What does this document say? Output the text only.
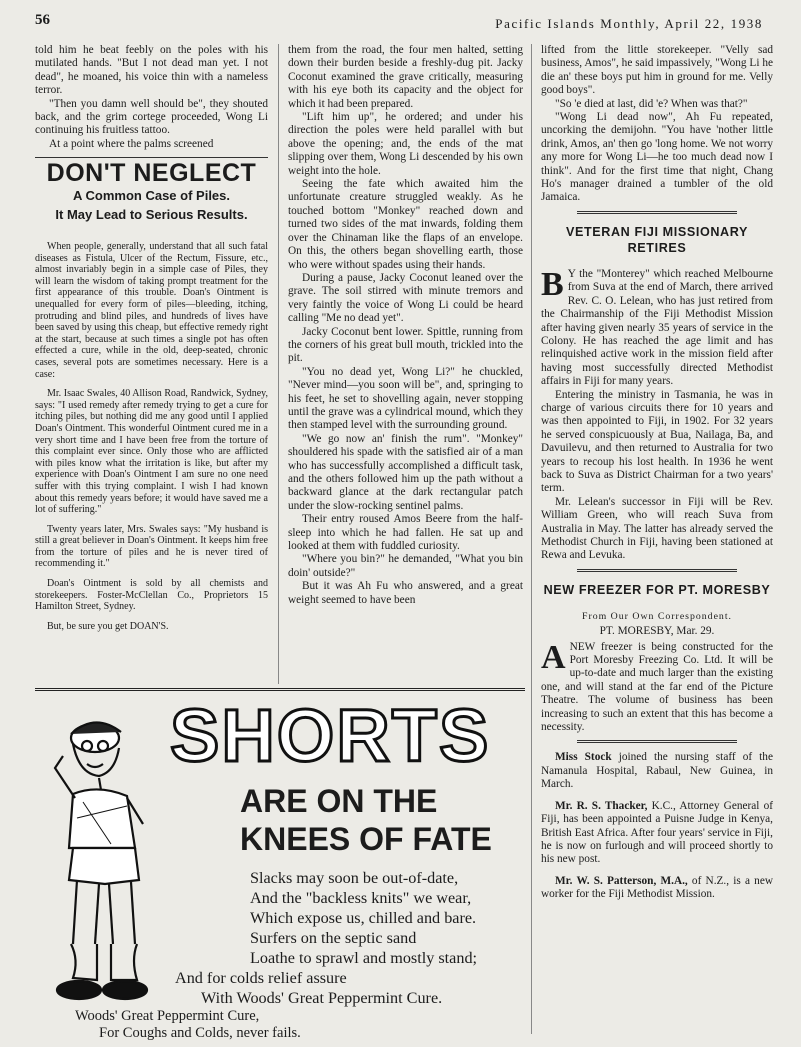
56	Pacific Islands Monthly, April 22, 1938

told him he beat feebly on the poles with his mutilated hands. "But I not dead man yet. I not dead", he moaned, his voice thin with a nameless terror.

"Then you damn well should be", they shouted back, and the grim cortege proceeded, Wong Li continuing his fruitless tattoo.

At a point where the palms screened

DON'T NEGLECT
A Common Case of Piles.
It May Lead to Serious Results.

When people, generally, understand that all such fatal diseases as Fistula, Ulcer of the Rectum, Fissure, etc., almost invariably begin in a simple case of Piles, they will learn the wisdom of taking prompt treatment for the first appearance of this trouble. Doan's Ointment is unequalled for every form of piles—bleeding, itching, protruding and blind piles, and hundreds of lives have been saved by using this cheap, but effective remedy right at the start, because at such times a single pot has often effected a cure, while in the old, deep-seated, chronic cases, several pots are sometimes necessary. Here is a case:

Mr. Isaac Swales, 40 Allison Road, Randwick, Sydney, says: "I used remedy after remedy trying to get a cure for itching piles, but nothing did me any good until I applied Doan's Ointment. This wonderful Ointment cured me in a very short time and I have been free from the torture of this complaint ever since. Only those who are afflicted with piles know what the irritation is like, but after my experience with Doan's Ointment I am sure no one need suffer with this trying complaint. I wish I had known about this remedy years before; it would have saved me a lot of suffering."

Twenty years later, Mrs. Swales says: "My husband is still a great believer in Doan's Ointment. It keeps him free from the torture of piles and he is never tired of recommending it."

Doan's Ointment is sold by all chemists and storekeepers. Foster-McClellan Co., Proprietors 15 Hamilton Street, Sydney.

But, be sure you get DOAN'S.

them from the road, the four men halted, setting down their burden beside a freshly-dug pit. Jacky Coconut examined the grave critically, measuring with his eye both its capacity and the object for which it had been prepared.

"Lift him up", he ordered; and under his direction the poles were held parallel with but above the opening; and, the ends of the mat slipping over them, Wong Li descended by his own weight into the hole.

Seeing the fate which awaited him the unfortunate creature struggled weakly. As he touched bottom "Monkey" reached down and turned two sides of the mat inwards, folding them over the Chinaman like the flaps of an envelope. On this, the others began shovelling earth, those who were without spades using their hands.

During a pause, Jacky Coconut leaned over the grave. The soil stirred with minute tremors and very faintly the voice of Wong Li could be heard calling "Me no dead yet".

Jacky Coconut bent lower. Spittle, running from the corners of his great bull mouth, trickled into the pit.

"You no dead yet, Wong Li?" he chuckled, "Never mind—you soon will be", and, springing to his feet, he set to shovelling again, never stopping until the grave was a cylindrical mound, which they then stamped level with the surrounding ground.

"We go now an' finish the rum". "Monkey" shouldered his spade with the satisfied air of a man who has successfully accomplished a difficult task, and the others followed him up the path without a backward glance at the dark rectangular patch under the slow-rocking sentinel palms.

Their entry roused Amos Beere from the half-sleep into which he had fallen. He sat up and looked at them with fuddled curiosity.

"Where you bin?" he demanded, "What you bin doin' outside?"

But it was Ah Fu who answered, and a great weight seemed to have been

lifted from the little storekeeper. "Velly sad business, Amos", he said impassively, "Wong Li he die an' these boys put him in ground for me. Velly good boys".

"So 'e died at last, did 'e? When was that?"

"Wong Li dead now", Ah Fu repeated, uncorking the demijohn. "You have 'nother little drink, Amos, an' then go 'long home. We not worry any more for Wong Li—he too much dead now I think". And for the first time that night, Chang Ho's manager drained a tumbler of the old Jamaica.

VETERAN FIJI MISSIONARY RETIRES

B Y the "Monterey" which reached Melbourne from Suva at the end of March, there arrived Rev. C. O. Lelean, who has just retired from the Chairmanship of the Fiji Methodist Mission after having given nearly 35 years of service in the Colony. He has reached the age limit and has relinquished active work in the mission field after having most successfully directed Methodist affairs in Fiji for many years.

Entering the ministry in Tasmania, he was in charge of various circuits there for 10 years and was then appointed to Fiji, in 1902. For 32 years he served conspicuously at Bua, Nailaga, Ba, and Davuilevu, and then returned to Australia for two years to recoup his lost health. In 1936 he went back to Suva as District Chairman for a two years' term.

Mr. Lelean's successor in Fiji will be Rev. William Green, who will reach Suva from Australia in May. The latter has already served the Methodist Church in Fiji, having been stationed at Rewa and Levuka.

NEW FREEZER FOR PT. MORESBY
From Our Own Correspondent.
PT. MORESBY, Mar. 29.

ANEW freezer is being constructed for the Port Moresby Freezing Co. Ltd. It will be up-to-date and much larger than the existing one, and will stand at the far end of the Picture Theatre. The volume of business has been increasing to such an extent that this has become a necessity.

Miss Stock joined the nursing staff of the Namanula Hospital, Rabaul, New Guinea, in March.

Mr. R. S. Thacker, K.C., Attorney General of Fiji, has been appointed a Puisne Judge in Kenya, British East Africa. After four years' service in Fiji, he is now on furlough and will proceed shortly to his new post.

Mr. W. S. Patterson, M.A., of N.Z., is a new worker for the Fiji Methodist Mission.

SHORTS
ARE ON THE
KNEES OF FATE
Slacks may soon be out-of-date,
And the "backless knits" we wear,
Which expose us, chilled and bare.
Surfers on the septic sand
Loathe to sprawl and mostly stand;
And for colds relief assure
With Woods' Great Peppermint Cure.
Woods' Great Peppermint Cure,
For Coughs and Colds, never fails.
